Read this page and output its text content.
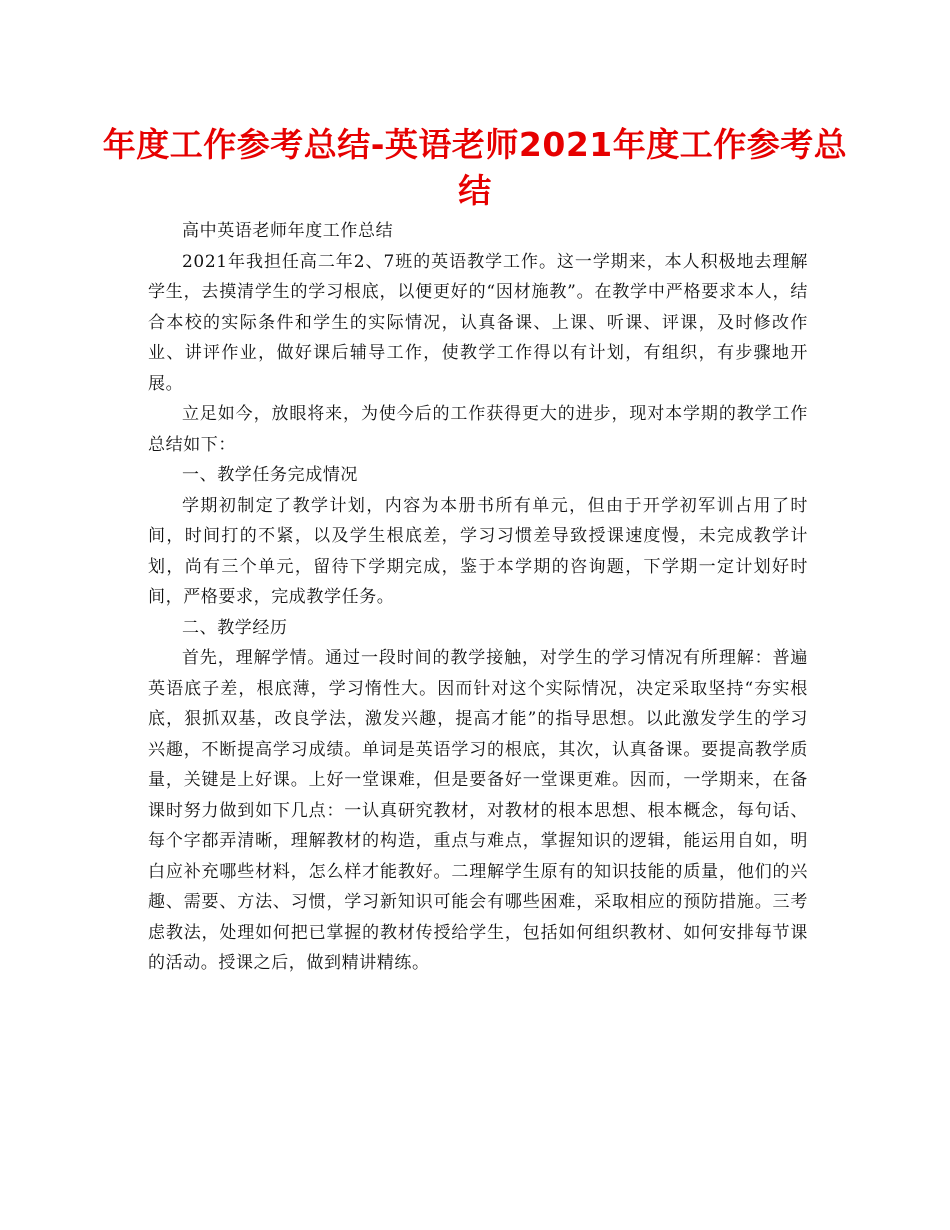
年度工作参考总结-英语老师2021年度工作参考总结

高中英语老师年度工作总结

2021年我担任高二年2、7班的英语教学工作。这一学期来，本人积极地去理解学生，去摸清学生的学习根底，以便更好的“因材施教”。在教学中严格要求本人，结合本校的实际条件和学生的实际情况，认真备课、上课、听课、评课，及时修改作业、讲评作业，做好课后辅导工作，使教学工作得以有计划，有组织，有步骤地开展。

立足如今，放眼将来，为使今后的工作获得更大的进步，现对本学期的教学工作总结如下：

一、教学任务完成情况

学期初制定了教学计划，内容为本册书所有单元，但由于开学初军训占用了时间，时间打的不紧，以及学生根底差，学习习惯差导致授课速度慢，未完成教学计划，尚有三个单元，留待下学期完成，鉴于本学期的咨询题，下学期一定计划好时间，严格要求，完成教学任务。

二、教学经历

首先，理解学情。通过一段时间的教学接触，对学生的学习情况有所理解：普遍英语底子差，根底薄，学习惰性大。因而针对这个实际情况，决定采取坚持“夯实根底，狠抓双基，改良学法，激发兴趣，提高才能”的指导思想。以此激发学生的学习兴趣，不断提高学习成绩。单词是英语学习的根底，其次，认真备课。要提高教学质量，关键是上好课。上好一堂课难，但是要备好一堂课更难。因而，一学期来，在备课时努力做到如下几点：一认真研究教材，对教材的根本思想、根本概念，每句话、每个字都弄清晰，理解教材的构造，重点与难点，掌握知识的逻辑，能运用自如，明白应补充哪些材料，怎么样才能教好。二理解学生原有的知识技能的质量，他们的兴趣、需要、方法、习惯，学习新知识可能会有哪些困难，采取相应的预防措施。三考虑教法，处理如何把已掌握的教材传授给学生，包括如何组织教材、如何安排每节课的活动。授课之后，做到精讲精练。
